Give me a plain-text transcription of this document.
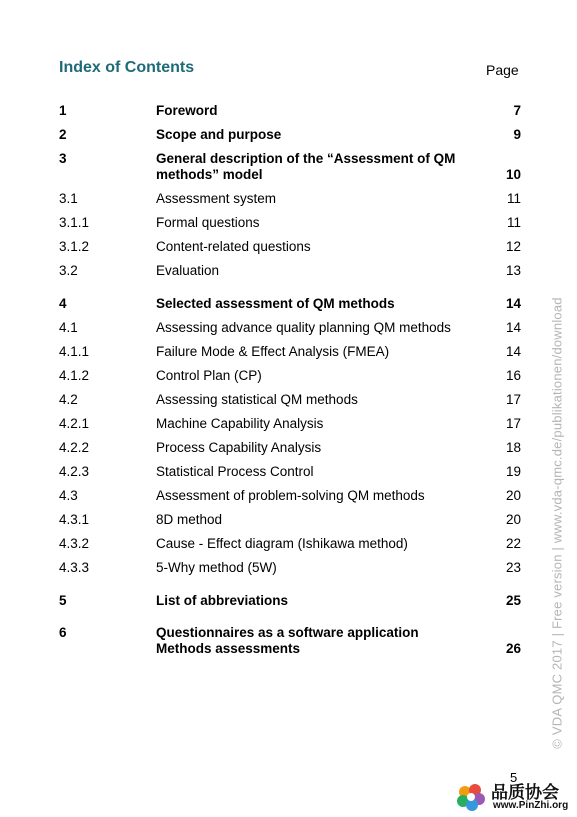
Index of Contents	Page
1	Foreword	7
2	Scope and purpose	9
3	General description of the “Assessment of QM methods” model	10
3.1	Assessment system	11
3.1.1	Formal questions	11
3.1.2	Content-related questions	12
3.2	Evaluation	13
4	Selected assessment of QM methods	14
4.1	Assessing advance quality planning QM methods	14
4.1.1	Failure Mode & Effect Analysis (FMEA)	14
4.1.2	Control Plan (CP)	16
4.2	Assessing statistical QM methods	17
4.2.1	Machine Capability Analysis	17
4.2.2	Process Capability Analysis	18
4.2.3	Statistical Process Control	19
4.3	Assessment of problem-solving QM methods	20
4.3.1	8D method	20
4.3.2	Cause - Effect diagram (Ishikawa method)	22
4.3.3	5-Why method (5W)	23
5	List of abbreviations	25
6	Questionnaires as a software application Methods assessments	26 © VDA QMC 2017 | Free version | www.vda-qmc.de/publikationen/download
5
品质协会
www.PinZhi.org
